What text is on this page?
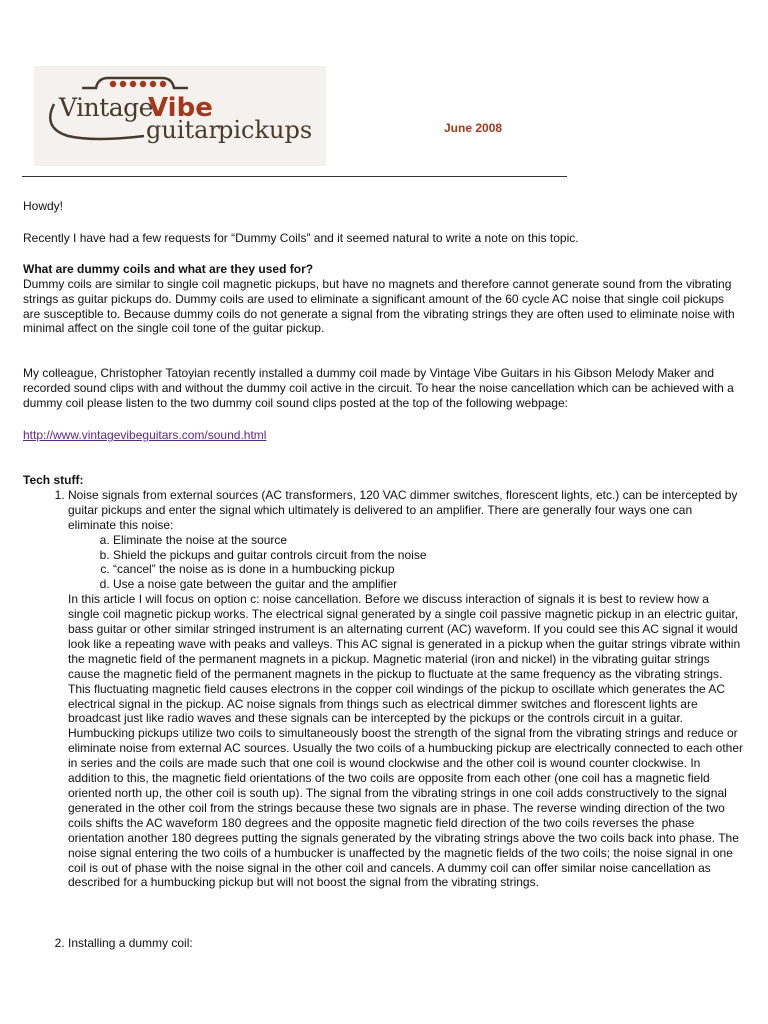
Vintage
Vibe
guitar
pickups	June 2008

Howdy!

Recently I have had a few requests for “Dummy Coils” and it seemed natural to write a note on this topic.

What are dummy coils and what are they used for?

Dummy coils are similar to single coil magnetic pickups, but have no magnets and therefore cannot generate sound from the vibrating strings as guitar pickups do. Dummy coils are used to eliminate a significant amount of the 60 cycle AC noise that single coil pickups are susceptible to. Because dummy coils do not generate a signal from the vibrating strings they are often used to eliminate noise with minimal affect on the single coil tone of the guitar pickup.

My colleague, Christopher Tatoyian recently installed a dummy coil made by Vintage Vibe Guitars in his Gibson Melody Maker and recorded sound clips with and without the dummy coil active in the circuit. To hear the noise cancellation which can be achieved with a dummy coil please listen to the two dummy coil sound clips posted at the top of the following webpage:

http://www.vintagevibeguitars.com/sound.html

Tech stuff:

1. Noise signals from external sources (AC transformers, 120 VAC dimmer switches, florescent lights, etc.) can be intercepted by guitar pickups and enter the signal which ultimately is delivered to an amplifier. There are generally four ways one can eliminate this noise:

a. Eliminate the noise at the source
b. Shield the pickups and guitar controls circuit from the noise
c. “cancel” the noise as is done in a humbucking pickup
d. Use a noise gate between the guitar and the amplifier

In this article I will focus on option c: noise cancellation. Before we discuss interaction of signals it is best to review how a single coil magnetic pickup works. The electrical signal generated by a single coil passive magnetic pickup in an electric guitar, bass guitar or other similar stringed instrument is an alternating current (AC) waveform. If you could see this AC signal it would look like a repeating wave with peaks and valleys. This AC signal is generated in a pickup when the guitar strings vibrate within the magnetic field of the permanent magnets in a pickup. Magnetic material (iron and nickel) in the vibrating guitar strings cause the magnetic field of the permanent magnets in the pickup to fluctuate at the same frequency as the vibrating strings. This fluctuating magnetic field causes electrons in the copper coil windings of the pickup to oscillate which generates the AC electrical signal in the pickup. AC noise signals from things such as electrical dimmer switches and florescent lights are broadcast just like radio waves and these signals can be intercepted by the pickups or the controls circuit in a guitar. Humbucking pickups utilize two coils to simultaneously boost the strength of the signal from the vibrating strings and reduce or eliminate noise from external AC sources. Usually the two coils of a humbucking pickup are electrically connected to each other in series and the coils are made such that one coil is wound clockwise and the other coil is wound counter clockwise. In addition to this, the magnetic field orientations of the two coils are opposite from each other (one coil has a magnetic field oriented north up, the other coil is south up). The signal from the vibrating strings in one coil adds constructively to the signal generated in the other coil from the strings because these two signals are in phase. The reverse winding direction of the two coils shifts the AC waveform 180 degrees and the opposite magnetic field direction of the two coils reverses the phase orientation another 180 degrees putting the signals generated by the vibrating strings above the two coils back into phase. The noise signal entering the two coils of a humbucker is unaffected by the magnetic fields of the two coils; the noise signal in one coil is out of phase with the noise signal in the other coil and cancels. A dummy coil can offer similar noise cancellation as described for a humbucking pickup but will not boost the signal from the vibrating strings.

2. Installing a dummy coil:
